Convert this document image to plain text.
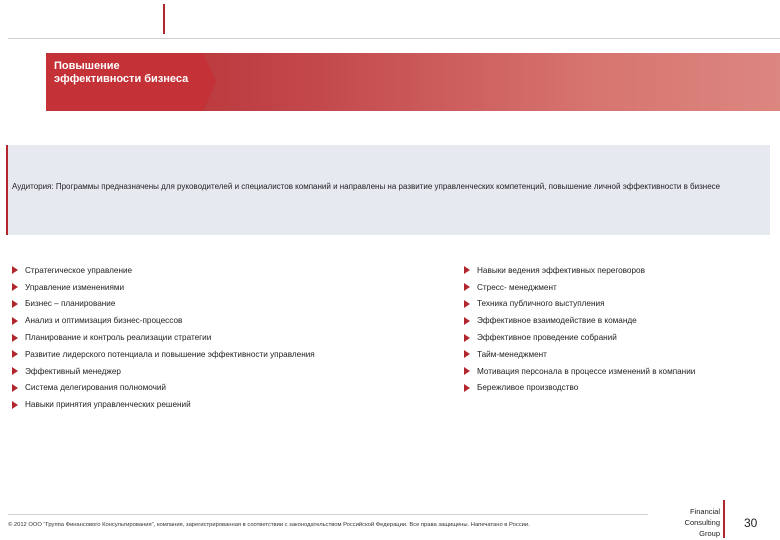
Повышение эффективности бизнеса
Аудитория: Программы предназначены для руководителей и специалистов компаний и направлены на развитие управленческих компетенций, повышение личной эффективности в бизнесе
Стратегическое управление
Управление изменениями
Бизнес – планирование
Анализ и оптимизация бизнес-процессов
Планирование и контроль реализации стратегии
Развитие лидерского потенциала и повышение эффективности управления
Эффективный менеджер
Система делегирования полномочий
Навыки принятия управленческих решений
Навыки ведения эффективных переговоров
Стресс- менеджмент
Техника публичного выступления
Эффективное взаимодействие в команде
Эффективное проведение собраний
Тайм-менеджмент
Мотивация персонала в процессе изменений в компании
Бережливое производство
© 2012 ООО "Группа Финансового Консультирования", компания, зарегистрированная в соответствии с законодательством Российской Федерации. Все права защищены. Напечатано в России.
Financial
Consulting
Group
30
